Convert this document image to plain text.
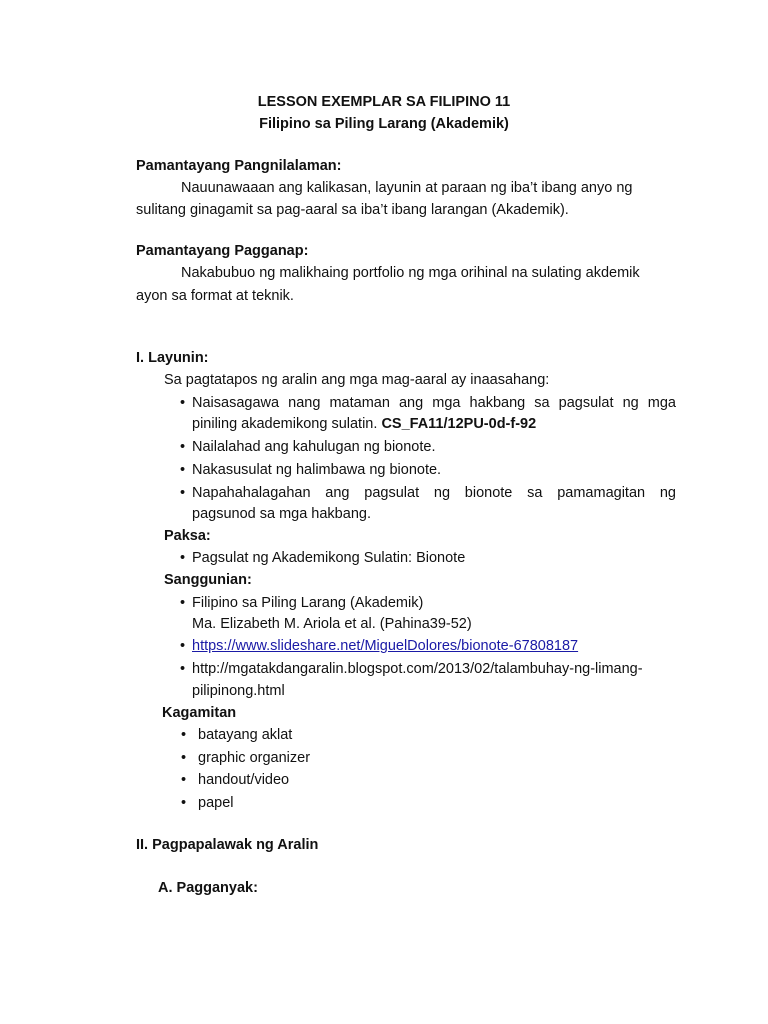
LESSON EXEMPLAR SA FILIPINO 11
Filipino sa Piling Larang (Akademik)
Pamantayang Pangnilalaman:
Nauunawaaan ang kalikasan, layunin at paraan ng iba’t ibang anyo ng
sulitang ginagamit sa pag-aaral sa iba’t ibang larangan (Akademik).
Pamantayang Pagganap:
Nakabubuo ng malikhaing portfolio ng mga orihinal na sulating akdemik
ayon sa format at teknik.
I. Layunin:
Sa pagtatapos ng aralin ang mga mag-aaral ay inaasahang:
• Naisasagawa nang mataman ang mga hakbang sa pagsulat ng mga
piniling akademikong sulatin. CS_FA11/12PU-0d-f-92
• Nailalahad ang kahulugan ng bionote.
• Nakasusulat ng halimbawa ng bionote.
• Napahahalagahan ang pagsulat ng bionote sa pamamagitan ng
pagsunod sa mga hakbang.
Paksa:
• Pagsulat ng Akademikong Sulatin: Bionote
Sanggunian:
• Filipino sa Piling Larang (Akademik)
Ma. Elizabeth M. Ariola et al. (Pahina39-52)
• https://www.slideshare.net/MiguelDolores/bionote-67808187
• http://mgatakdangaralin.blogspot.com/2013/02/talambuhay-ng-limang-
pilipinong.html
Kagamitan
• batayang aklat
• graphic organizer
• handout/video
• papel
II. Pagpapalawak ng Aralin
A. Pagganyak:
